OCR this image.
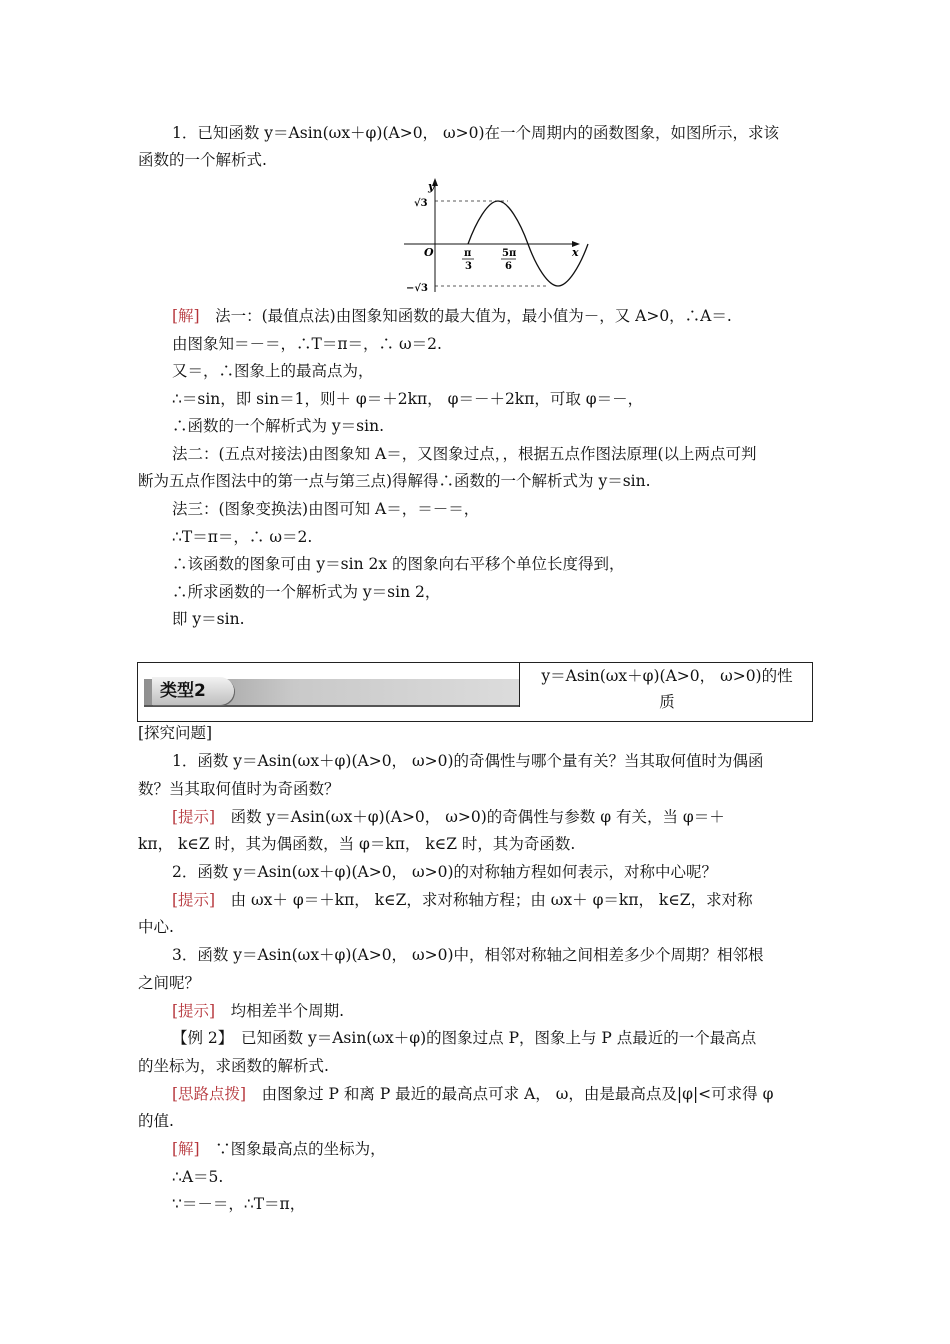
1．已知函数 y＝Asin(ωx＋φ)(A>0， ω>0)在一个周期内的函数图象，如图所示，求该
函数的一个解析式.
y
x
O
√3
−√3
π
3
5π
6
[解]　法一：(最值点法)由图象知函数的最大值为，最小值为－，又 A>0，∴A＝.
由图象知＝－＝，∴T＝π＝，∴ ω＝2.
又＝，∴图象上的最高点为，
∴＝sin，即 sin＝1，则＋ φ＝＋2kπ， φ＝－＋2kπ，可取 φ＝－，
∴函数的一个解析式为 y＝sin.
法二：(五点对接法)由图象知 A＝，又图象过点，，根据五点作图法原理(以上两点可判
断为五点作图法中的第一点与第三点)得解得∴函数的一个解析式为 y＝sin.
法三：(图象变换法)由图可知 A＝，＝－＝，
∴T＝π＝，∴ ω＝2.
∴该函数的图象可由 y＝sin 2x 的图象向右平移个单位长度得到，
∴所求函数的一个解析式为 y＝sin 2，
即 y＝sin.
类型2
y＝Asin(ωx＋φ)(A>0， ω>0)的性
质
[探究问题]
1．函数 y＝Asin(ωx＋φ)(A>0， ω>0)的奇偶性与哪个量有关？当其取何值时为偶函
数？当其取何值时为奇函数？
[提示]　函数 y＝Asin(ωx＋φ)(A>0， ω>0)的奇偶性与参数 φ 有关，当 φ＝＋
kπ， k∈Z 时，其为偶函数，当 φ＝kπ， k∈Z 时，其为奇函数.
2．函数 y＝Asin(ωx＋φ)(A>0， ω>0)的对称轴方程如何表示，对称中心呢？
[提示]　由 ωx＋ φ＝＋kπ， k∈Z，求对称轴方程；由 ωx＋ φ＝kπ， k∈Z，求对称
中心.
3．函数 y＝Asin(ωx＋φ)(A>0， ω>0)中，相邻对称轴之间相差多少个周期？相邻根
之间呢？
[提示]　均相差半个周期.
【例 2】　已知函数 y＝Asin(ωx＋φ)的图象过点 P，图象上与 P 点最近的一个最高点
的坐标为，求函数的解析式.
[思路点拨]　由图象过 P 和离 P 最近的最高点可求 A， ω，由是最高点及|φ|<可求得 φ
的值.
[解]　∵图象最高点的坐标为，
∴A＝5.
∵＝－＝，∴T＝π，
